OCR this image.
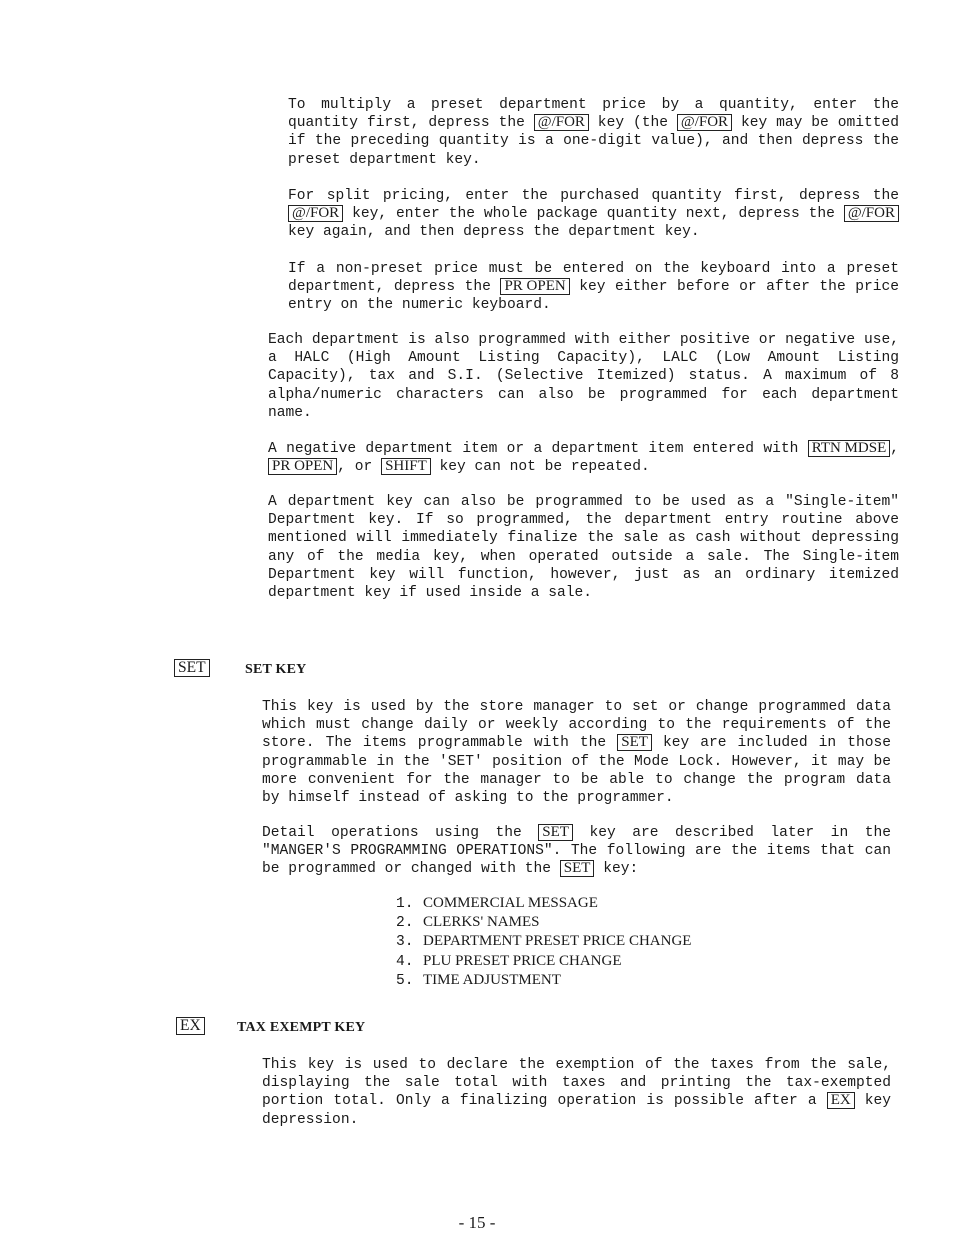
To multiply a preset department price by a quantity, enter the quantity first, depress the @/FOR key (the @/FOR key may be omitted if the preceding quantity is a one-digit value), and then depress the preset department key.

For split pricing, enter the purchased quantity first, depress the @/FOR key, enter the whole package quantity next, depress the @/FOR key again, and then depress the department key.

If a non-preset price must be entered on the keyboard into a preset department, depress the PR OPEN key either before or after the price entry on the numeric keyboard.

Each department is also programmed with either positive or negative use, a HALC (High Amount Listing Capacity), LALC (Low Amount Listing Capacity), tax and S.I. (Selective Itemized) status. A maximum of 8 alpha/numeric characters can also be programmed for each department name.

A negative department item or a department item entered with RTN MDSE , PR OPEN , or SHIFT key can not be repeated.

A department key can also be programmed to be used as a "Single-item" Department key. If so programmed, the department entry routine above mentioned will immediately finalize the sale as cash without depressing any of the media key, when operated outside a sale. The Single-item Department key will function, however, just as an ordinary itemized department key if used inside a sale.

SET	SET KEY

This key is used by the store manager to set or change programmed data which must change daily or weekly according to the requirements of the store. The items programmable with the SET key are included in those programmable in the 'SET' position of the Mode Lock. However, it may be more convenient for the manager to be able to change the program data by himself instead of asking to the programmer.

Detail operations using the SET key are described later in the "MANGER'S PROGRAMMING OPERATIONS". The following are the items that can be programmed or changed with the SET key:

1. COMMERCIAL MESSAGE
2. CLERKS' NAMES
3. DEPARTMENT PRESET PRICE CHANGE
4. PLU PRESET PRICE CHANGE
5. TIME ADJUSTMENT
EX	TAX EXEMPT KEY

This key is used to declare the exemption of the taxes from the sale, displaying the sale total with taxes and printing the tax-exempted portion total. Only a finalizing operation is possible after a EX key depression.

- 15 -
